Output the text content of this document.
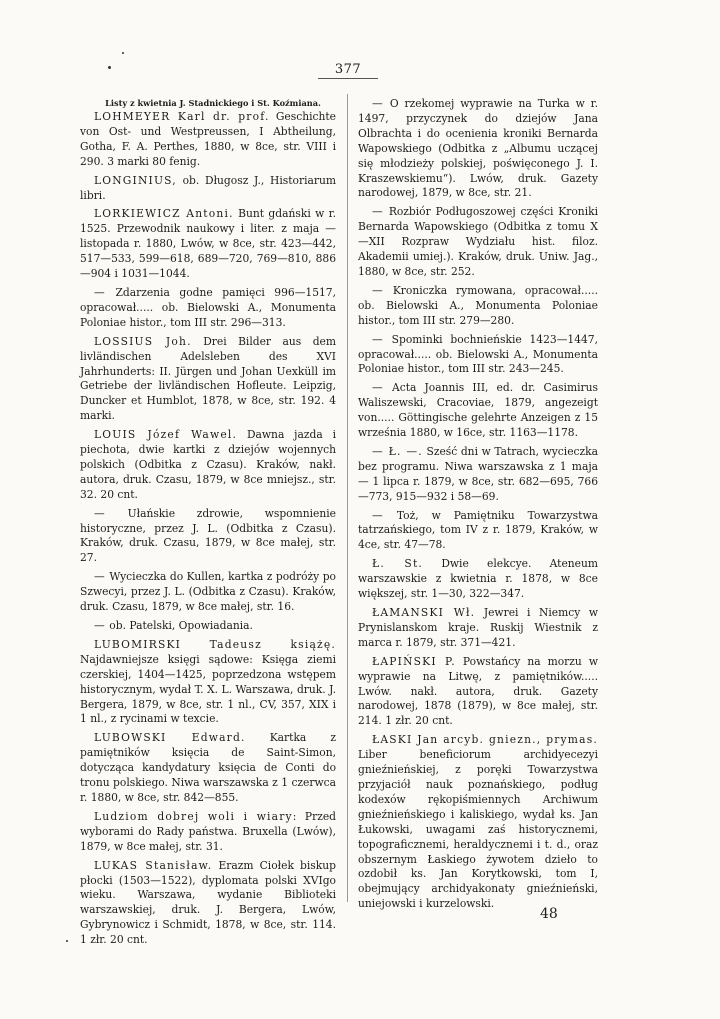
377
Listy z kwietnia J. Stadnickiego i St. Koźmiana.

LOHMEYER Karl dr. prof. Geschichte von Ost- und Westpreussen, I Abtheilung, Gotha, F. A. Perthes, 1880, w 8ce, str. VIII i 290. 3 marki 80 fenig.

LONGINIUS, ob. Długosz J., Historiarum libri.

LORKIEWICZ Antoni. Bunt gdański w r. 1525. Przewodnik naukowy i liter. z maja —listopada r. 1880, Lwów, w 8ce, str. 423—442, 517—533, 599—618, 689—720, 769—810, 886—904 i 1031—1044.

— Zdarzenia godne pamięci 996—1517, opracował..... ob. Bielowski A., Monumenta Poloniae histor., tom III str. 296—313.

LOSSIUS Joh. Drei Bilder aus dem livländischen Adelsleben des XVI Jahrhunderts: II. Jürgen und Johan Uexküll im Getriebe der livländischen Hofleute. Leipzig, Duncker et Humblot, 1878, w 8ce, str. 192. 4 marki.

LOUIS Józef Wawel. Dawna jazda i piechota, dwie kartki z dziejów wojennych polskich (Odbitka z Czasu). Kraków, nakł. autora, druk. Czasu, 1879, w 8ce mniejsz., str. 32. 20 cnt.

— Ułańskie zdrowie, wspomnienie historyczne, przez J. L. (Odbitka z Czasu). Kraków, druk. Czasu, 1879, w 8ce małej, str. 27.

— Wycieczka do Kullen, kartka z podróży po Szwecyi, przez J. L. (Odbitka z Czasu). Kraków, druk. Czasu, 1879, w 8ce małej, str. 16.

— ob. Patelski, Opowiadania.

LUBOMIRSKI Tadeusz książę. Najdawniejsze księgi sądowe: Księga ziemi czerskiej, 1404—1425, poprzedzona wstępem historycznym, wydał T. X. L. Warszawa, druk. J. Bergera, 1879, w 8ce, str. 1 nl., CV, 357, XIX i 1 nl., z rycinami w texcie.

LUBOWSKI Edward. Kartka z pamiętników księcia de Saint-Simon, dotycząca kandydatury księcia de Conti do tronu polskiego. Niwa warszawska z 1 czerwca r. 1880, w 8ce, str. 842—855.

Ludziom dobrej woli i wiary: Przed wyborami do Rady państwa. Bruxella (Lwów), 1879, w 8ce małej, str. 31.

LUKAS Stanisław. Erazm Ciołek biskup płocki (1503—1522), dyplomata polski XVIgo wieku. Warszawa, wydanie Biblioteki warszawskiej, druk. J. Bergera, Lwów, Gybrynowicz i Schmidt, 1878, w 8ce, str. 114. 1 złr. 20 cnt.

— O rzekomej wyprawie na Turka w r. 1497, przyczynek do dziejów Jana Olbrachta i do ocenienia kroniki Bernarda Wapowskiego (Odbitka z „Albumu uczącej się młodzieży polskiej, poświęconego J. I. Kraszewskiemu“). Lwów, druk. Gazety narodowej, 1879, w 8ce, str. 21.

— Rozbiór Podługoszowej części Kroniki Bernarda Wapowskiego (Odbitka z tomu X—XII Rozpraw Wydziału hist. filoz. Akademii umiej.). Kraków, druk. Uniw. Jag., 1880, w 8ce, str. 252.

— Kroniczka rymowana, opracował..... ob. Bielowski A., Monumenta Poloniae histor., tom III str. 279—280.

— Spominki bochnieńskie 1423—1447, opracował..... ob. Bielowski A., Monumenta Poloniae histor., tom III str. 243—245.

— Acta Joannis III, ed. dr. Casimirus Waliszewski, Cracoviae, 1879, angezeigt von..... Göttingische gelehrte Anzeigen z 15 września 1880, w 16ce, str. 1163—1178.

— Ł. —. Sześć dni w Tatrach, wycieczka bez programu. Niwa warszawska z 1 maja — 1 lipca r. 1879, w 8ce, str. 682—695, 766—773, 915—932 i 58—69.

— Toż, w Pamiętniku Towarzystwa tatrzańskiego, tom IV z r. 1879, Kraków, w 4ce, str. 47—78.

Ł. St. Dwie elekcye. Ateneum warszawskie z kwietnia r. 1878, w 8ce większej, str. 1—30, 322—347.

ŁAMANSKI Wł. Jewrei i Niemcy w Prynislanskom kraje. Ruskij Wiestnik z marca r. 1879, str. 371—421.

ŁAPIŃSKI P. Powstańcy na morzu w wyprawie na Litwę, z pamiętników..... Lwów. nakł. autora, druk. Gazety narodowej, 1878 (1879), w 8ce małej, str. 214. 1 złr. 20 cnt.

ŁASKI Jan arcyb. gniezn., prymas. Liber beneficiorum archidyecezyi gnieźnieńskiej, z poręki Towarzystwa przyjaciół nauk poznańskiego, podług kodexów rękopiśmiennych Archiwum gnieźnieńskiego i kaliskiego, wydał ks. Jan Łukowski, uwagami zaś historycznemi, topograficznemi, heraldycznemi i t. d., oraz obszernym Łaskiego żywotem dzieło to ozdobił ks. Jan Korytkowski, tom I, obejmujący archidyakonaty gnieźnieński, uniejowski i kurzelowski.

48
